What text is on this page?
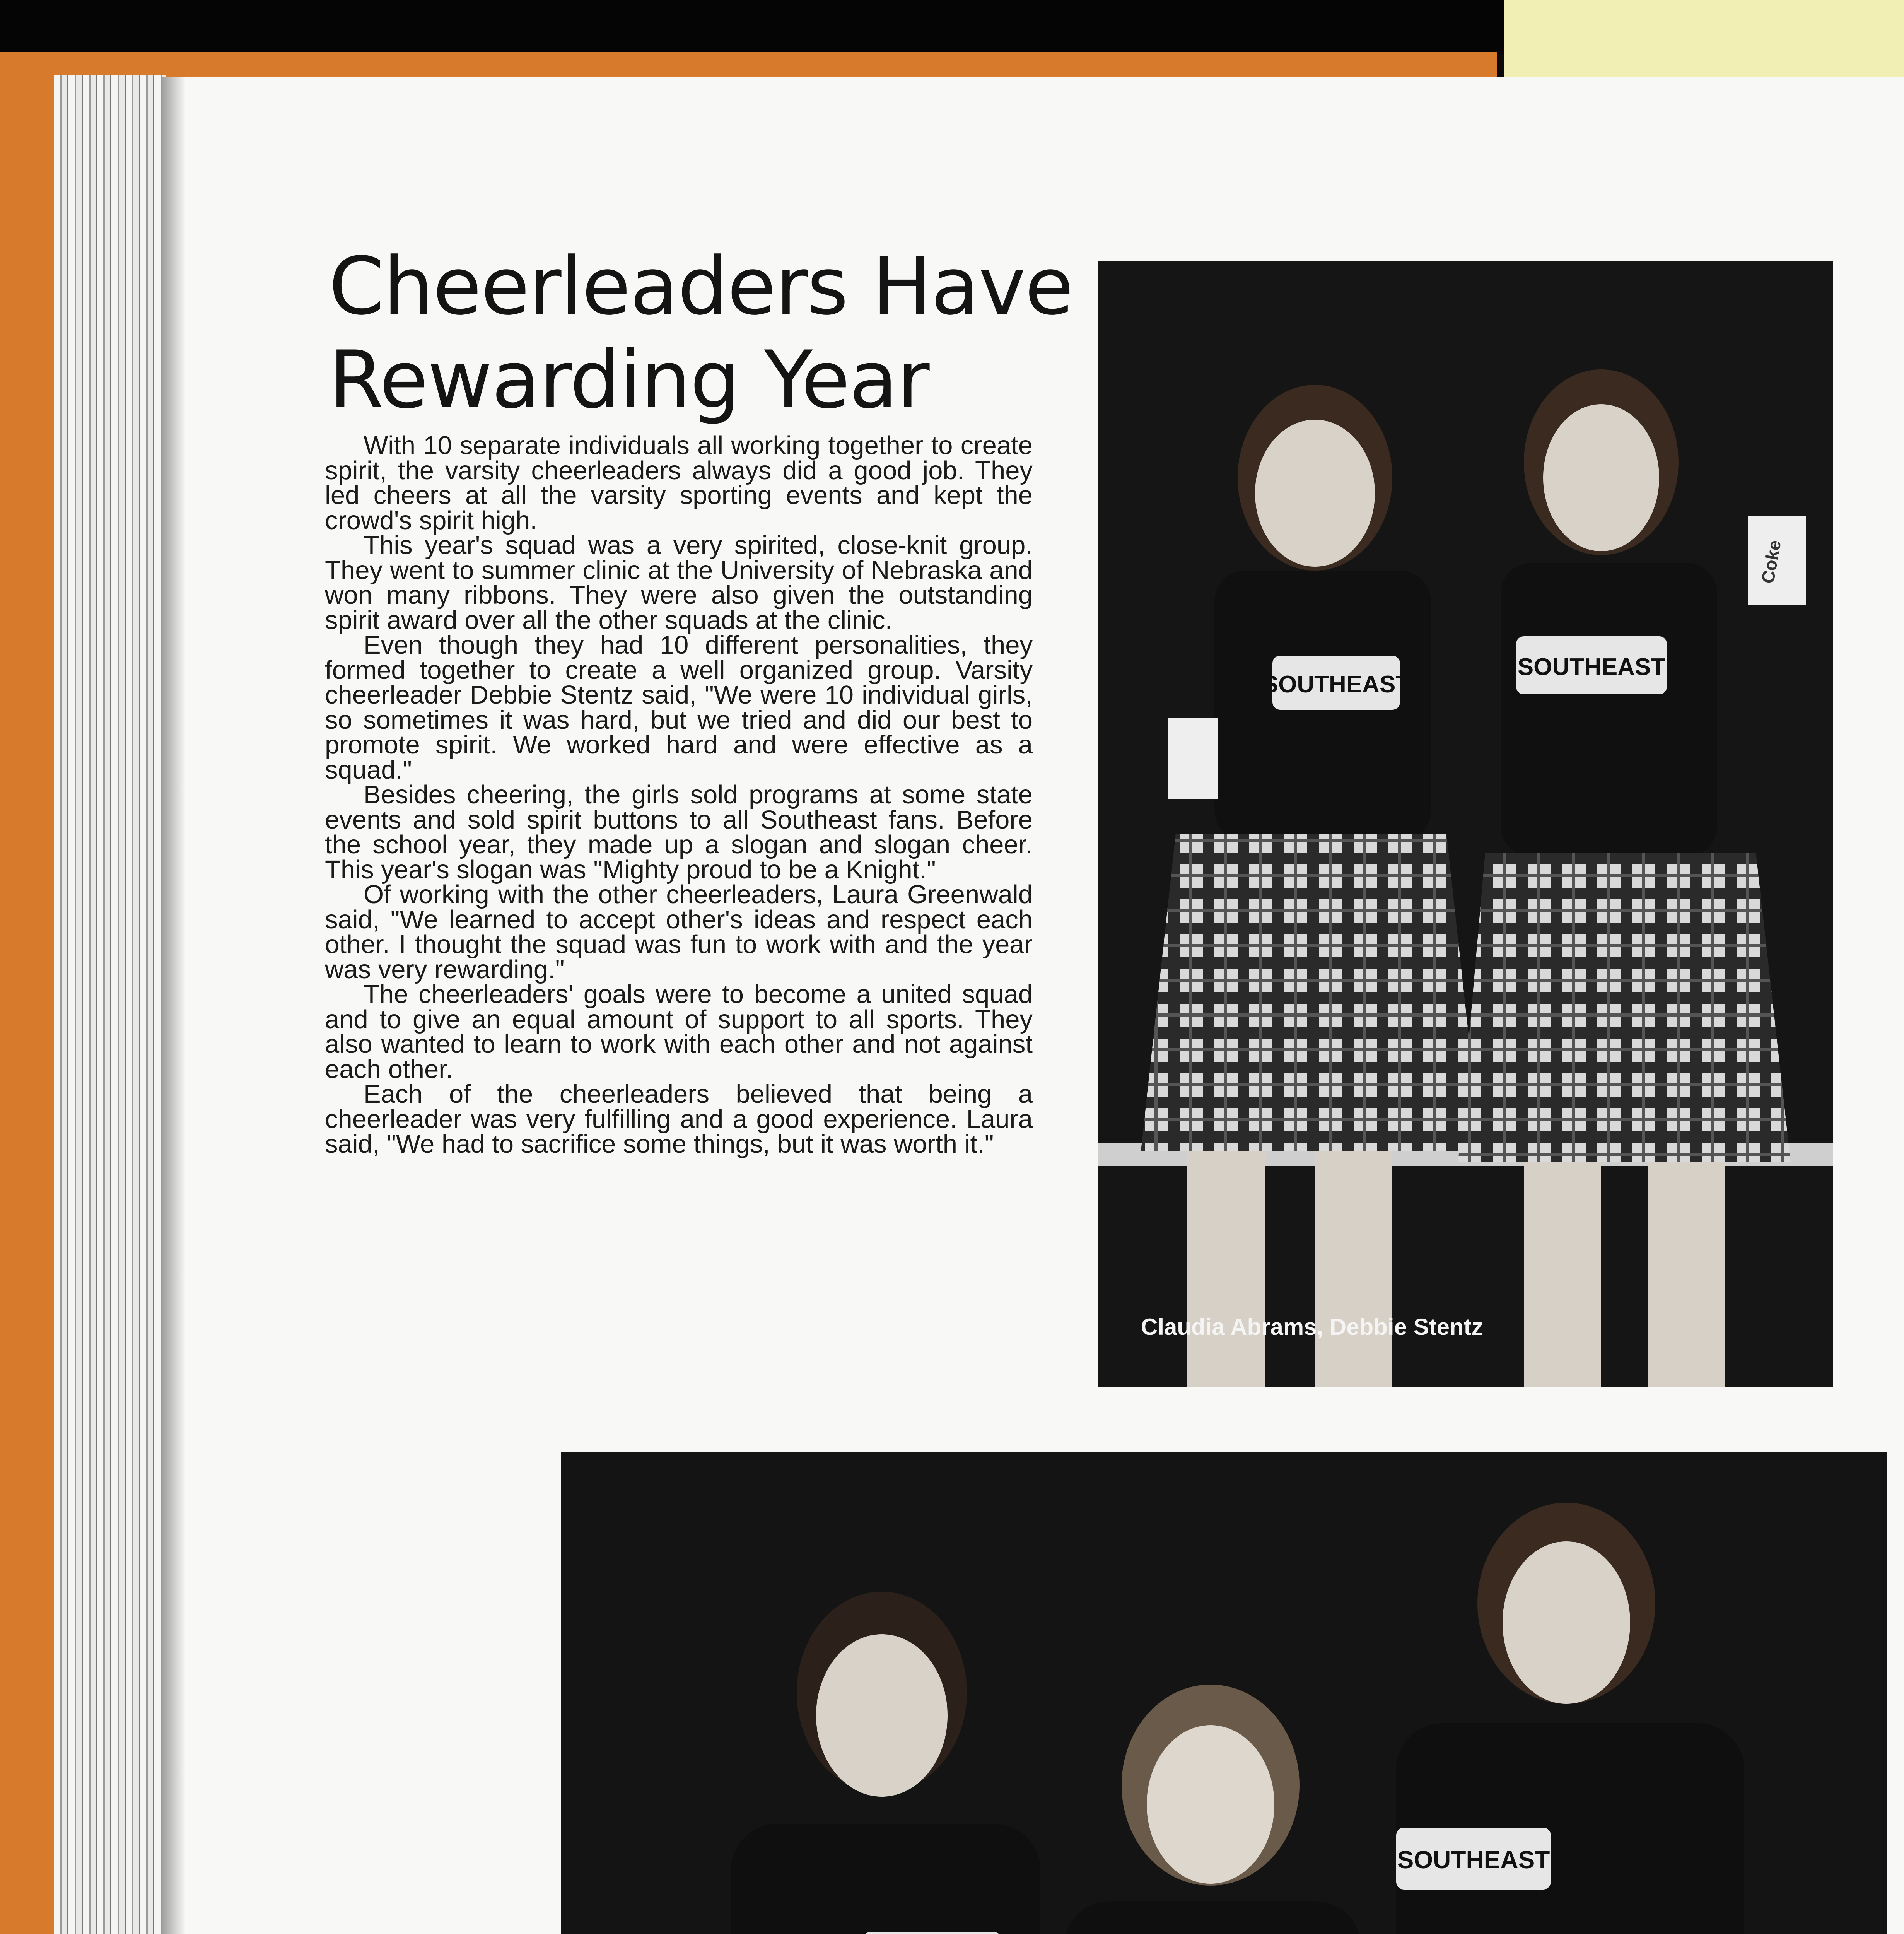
Cheerleaders Have Rewarding Year

With 10 separate individuals all working together to create spirit, the varsity cheerleaders always did a good job. They led cheers at all the varsity sporting events and kept the crowd's spirit high.

This year's squad was a very spirited, close-knit group. They went to summer clinic at the University of Nebraska and won many ribbons. They were also given the outstanding spirit award over all the other squads at the clinic.

Even though they had 10 different personalities, they formed together to create a well organized group. Varsity cheerleader Debbie Stentz said, "We were 10 individual girls, so sometimes it was hard, but we tried and did our best to promote spirit. We worked hard and were effective as a squad."

Besides cheering, the girls sold programs at some state events and sold spirit buttons to all Southeast fans. Before the school year, they made up a slogan and slogan cheer. This year's slogan was "Mighty proud to be a Knight."

Of working with the other cheerleaders, Laura Greenwald said, "We learned to accept other's ideas and respect each other. I thought the squad was fun to work with and the year was very rewarding."

The cheerleaders' goals were to become a united squad and to give an equal amount of support to all sports. They also wanted to learn to work with each other and not against each other.

Each of the cheerleaders believed that being a cheerleader was very fulfilling and a good experience. Laura said, "We had to sacrifice some things, but it was worth it."

SOUTHEAST
SOUTHEAST
Coke
Claudia Abrams, Debbie Stentz
SOUTHEAST
